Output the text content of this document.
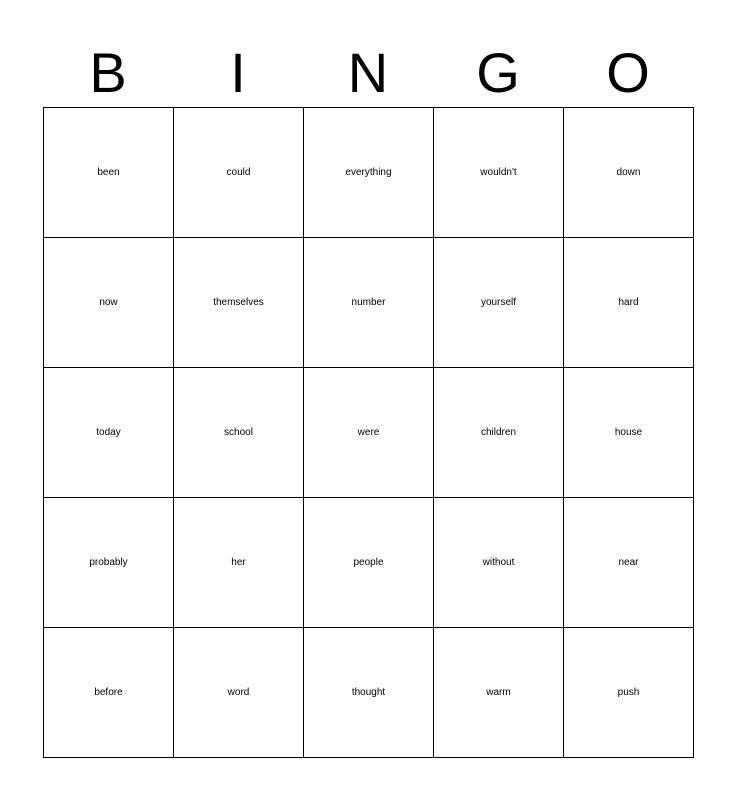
B	I	N	G	O
been	could	everything	wouldn't	down
now	themselves	number	yourself	hard
today	school	were	children	house
probably	her	people	without	near
before	word	thought	warm	push
